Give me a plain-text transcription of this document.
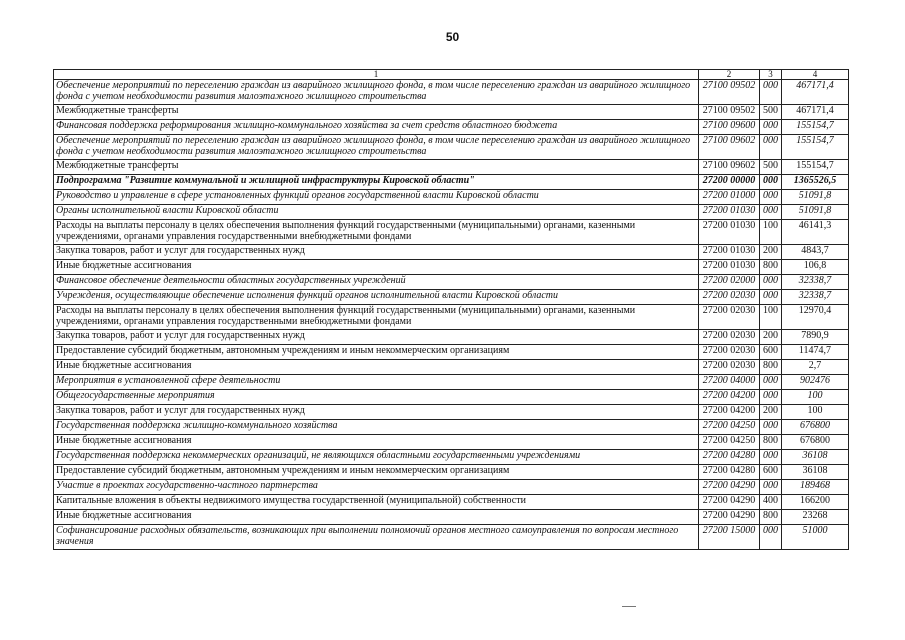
50
1	2	3	4
Обеспечение мероприятий по переселению граждан из аварийного жилищного фонда, в том числе переселению граждан из аварийного жилищного фонда с учетом необходимости развития малоэтажного жилищного строительства	27100 09502	000	467171,4
Межбюджетные трансферты	27100 09502	500	467171,4
Финансовая поддержка реформирования жилищно-коммунального хозяйства за счет средств областного бюджета	27100 09600	000	155154,7
Обеспечение мероприятий по переселению граждан из аварийного жилищного фонда, в том числе переселению граждан из аварийного жилищного фонда с учетом необходимости развития малоэтажного жилищного строительства	27100 09602	000	155154,7
Межбюджетные трансферты	27100 09602	500	155154,7
Подпрограмма "Развитие коммунальной и жилищной инфраструктуры Кировской области"	27200 00000	000	1365526,5
Руководство и управление в сфере установленных функций органов государственной власти Кировской области	27200 01000	000	51091,8
Органы исполнительной власти Кировской области	27200 01030	000	51091,8
Расходы на выплаты персоналу в целях обеспечения выполнения функций государственными (муниципальными) органами, казенными учреждениями, органами управления государственными внебюджетными фондами	27200 01030	100	46141,3
Закупка товаров, работ и услуг для государственных нужд	27200 01030	200	4843,7
Иные бюджетные ассигнования	27200 01030	800	106,8
Финансовое обеспечение деятельности областных государственных учреждений	27200 02000	000	32338,7
Учреждения, осуществляющие обеспечение исполнения функций органов исполнительной власти Кировской области	27200 02030	000	32338,7
Расходы на выплаты персоналу в целях обеспечения выполнения функций государственными (муниципальными) органами, казенными учреждениями, органами управления государственными внебюджетными фондами	27200 02030	100	12970,4
Закупка товаров, работ и услуг для государственных нужд	27200 02030	200	7890,9
Предоставление субсидий бюджетным, автономным учреждениям и иным некоммерческим организациям	27200 02030	600	11474,7
Иные бюджетные ассигнования	27200 02030	800	2,7
Мероприятия в установленной сфере деятельности	27200 04000	000	902476
Общегосударственные мероприятия	27200 04200	000	100
Закупка товаров, работ и услуг для государственных нужд	27200 04200	200	100
Государственная поддержка жилищно-коммунального хозяйства	27200 04250	000	676800
Иные бюджетные ассигнования	27200 04250	800	676800
Государственная поддержка некоммерческих организаций, не являющихся областными государственными учреждениями	27200 04280	000	36108
Предоставление субсидий бюджетным, автономным учреждениям и иным некоммерческим организациям	27200 04280	600	36108
Участие в проектах государственно-частного партнерства	27200 04290	000	189468
Капитальные вложения в объекты недвижимого имущества государственной (муниципальной) собственности	27200 04290	400	166200
Иные бюджетные ассигнования	27200 04290	800	23268
Софинансирование расходных обязательств, возникающих при выполнении полномочий органов местного самоуправления по вопросам местного значения	27200 15000	000	51000
